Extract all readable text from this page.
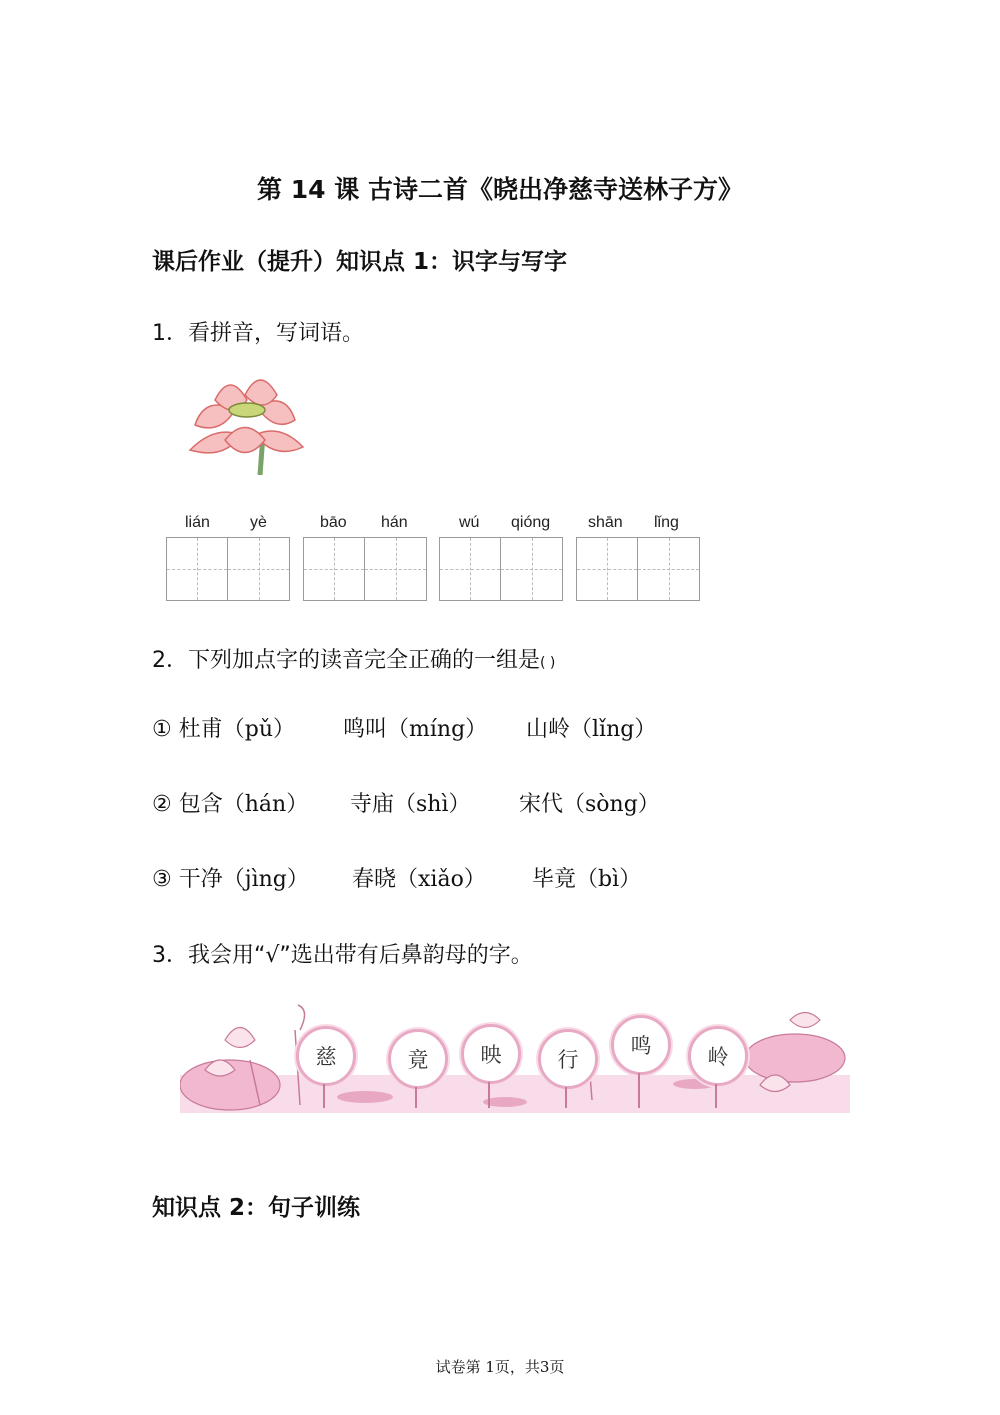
第 14 课 古诗二首《晓出净慈寺送林子方》
课后作业（提升）知识点 1：识字与写字
1．看拼音，写词语。
lián	yè	bāo hán	wú qióng shān lǐng
2．下列加点字的读音完全正确的一组是( )
① 杜甫（pǔ） 鸣叫（míng） 山岭（lǐng）
② 包含（hán） 寺庙（shì） 宋代（sòng）
③ 干净（jìng） 春晓（xiǎo） 毕竟（bì）
3．我会用“√”选出带有后鼻韵母的字。
慈	竟	映	行
鸣	岭
知识点 2：句子训练
试卷第 1页，共3页
